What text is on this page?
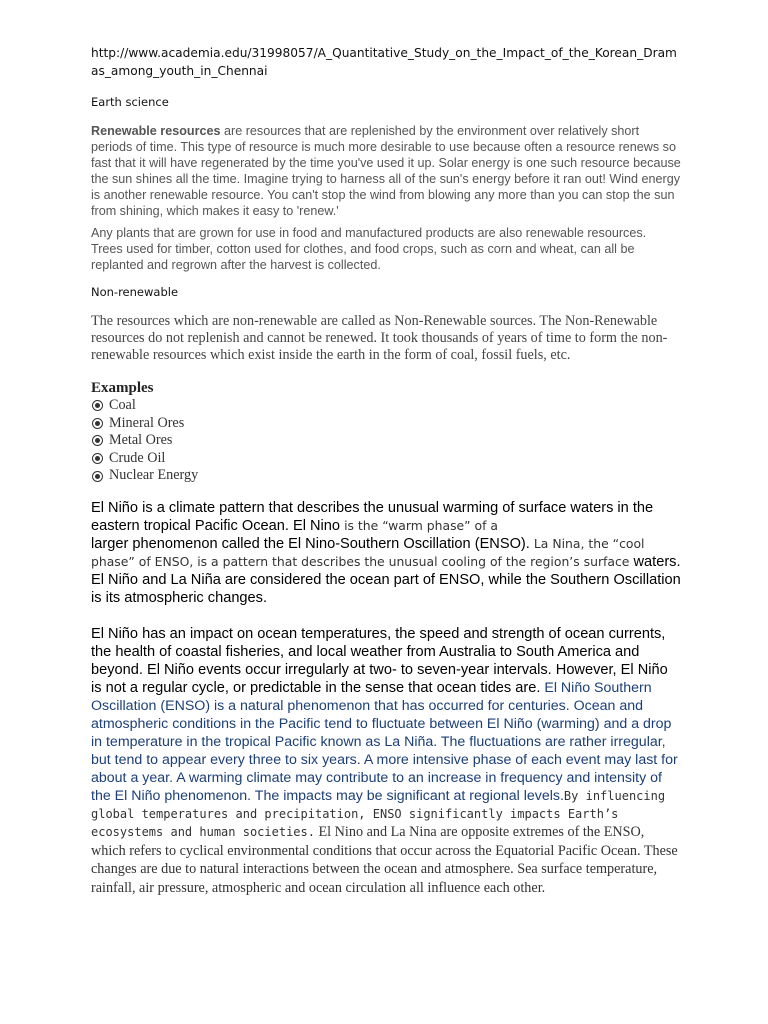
http://www.academia.edu/31998057/A_Quantitative_Study_on_the_Impact_of_the_Korean_Dramas_among_youth_in_Chennai

Earth science

Renewable resources are resources that are replenished by the environment over relatively short periods of time. This type of resource is much more desirable to use because often a resource renews so fast that it will have regenerated by the time you've used it up. Solar energy is one such resource because the sun shines all the time. Imagine trying to harness all of the sun's energy before it ran out! Wind energy is another renewable resource. You can't stop the wind from blowing any more than you can stop the sun from shining, which makes it easy to 'renew.'

Any plants that are grown for use in food and manufactured products are also renewable resources. Trees used for timber, cotton used for clothes, and food crops, such as corn and wheat, can all be replanted and regrown after the harvest is collected.

Non-renewable

The resources which are non-renewable are called as Non-Renewable sources. The Non-Renewable resources do not replenish and cannot be renewed. It took thousands of years of time to form the non-renewable resources which exist inside the earth in the form of coal, fossil fuels, etc.

Examples

Coal
Mineral Ores
Metal Ores
Crude Oil
Nuclear Energy

El Niño is a climate pattern that describes the unusual warming of surface waters in the eastern tropical Pacific Ocean. El Nino is the “warm phase” of a
larger phenomenon called the El Nino-Southern Oscillation (ENSO). La Nina, the “cool phase” of ENSO, is a pattern that describes the unusual cooling of the region’s surface waters. El Niño and La Niña are considered the ocean part of ENSO, while the Southern Oscillation is its atmospheric changes.

El Niño has an impact on ocean temperatures, the speed and strength of ocean currents, the health of coastal fisheries, and local weather from Australia to South America and beyond. El Niño events occur irregularly at two- to seven-year intervals. However, El Niño is not a regular cycle, or predictable in the sense that ocean tides are. El Niño Southern Oscillation (ENSO) is a natural phenomenon that has occurred for centuries. Ocean and atmospheric conditions in the Pacific tend to fluctuate between El Niño (warming) and a drop in temperature in the tropical Pacific known as La Niña. The fluctuations are rather irregular, but tend to appear every three to six years. A more intensive phase of each event may last for about a year. A warming climate may contribute to an increase in frequency and intensity of the El Niño phenomenon. The impacts may be significant at regional levels.By influencing global temperatures and precipitation, ENSO significantly impacts Earth’s ecosystems and human societies. El Nino and La Nina are opposite extremes of the ENSO, which refers to cyclical environmental conditions that occur across the Equatorial Pacific Ocean. These changes are due to natural interactions between the ocean and atmosphere. Sea surface temperature, rainfall, air pressure, atmospheric and ocean circulation all influence each other.
